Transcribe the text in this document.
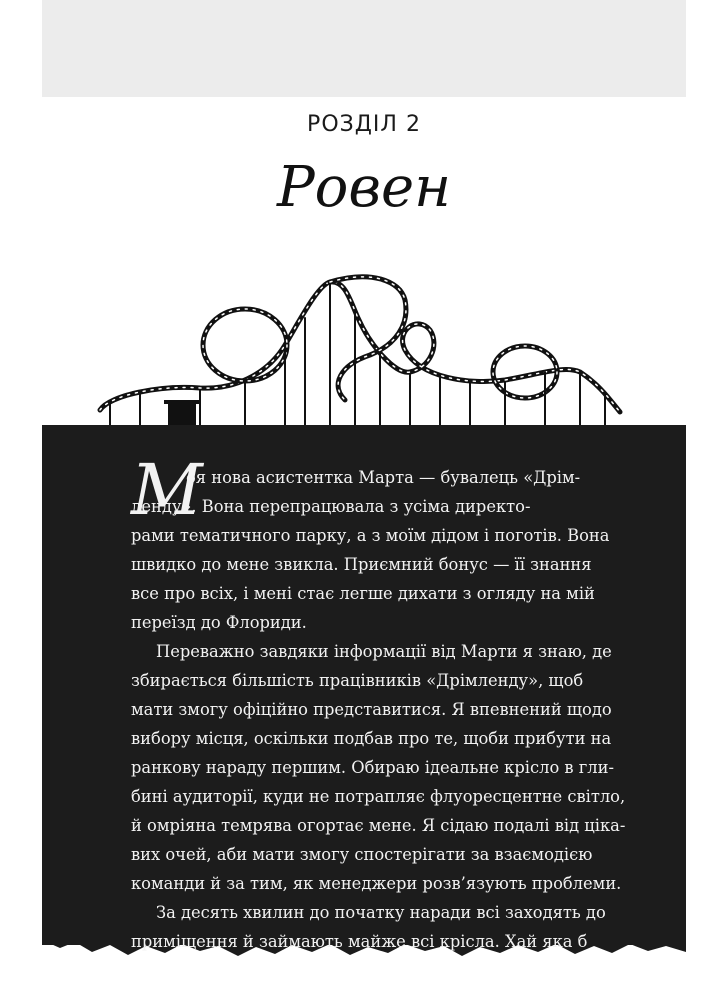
РОЗДІЛ 2
Ровен
М
оя нова асистентка Марта — бувалець «Дрім-
ленду». Вона перепрацювала з усіма директо-
рами тематичного парку, а з моїм дідом і поготів. Вона
швидко до мене звикла. Приємний бонус — її знання
все про всіх, і мені стає легше дихати з огляду на мій
переїзд до Флориди.
Переважно завдяки інформації від Марти я знаю, де
збирається більшість працівників «Дрімленду», щоб
мати змогу офіційно представитися. Я впевнений щодо
вибору місця, оскільки подбав про те, щоби прибути на
ранкову нараду першим. Обираю ідеальне крісло в гли-
бині аудиторії, куди не потрапляє флуоресцентне світло,
й омріяна темрява огортає мене. Я сідаю подалі від ціка-
вих очей, аби мати змогу спостерігати за взаємодією
команди й за тим, як менеджери розв’язують проблеми.
За десять хвилин до початку наради всі заходять до
приміщення й займають майже всі крісла. Хай яка б
